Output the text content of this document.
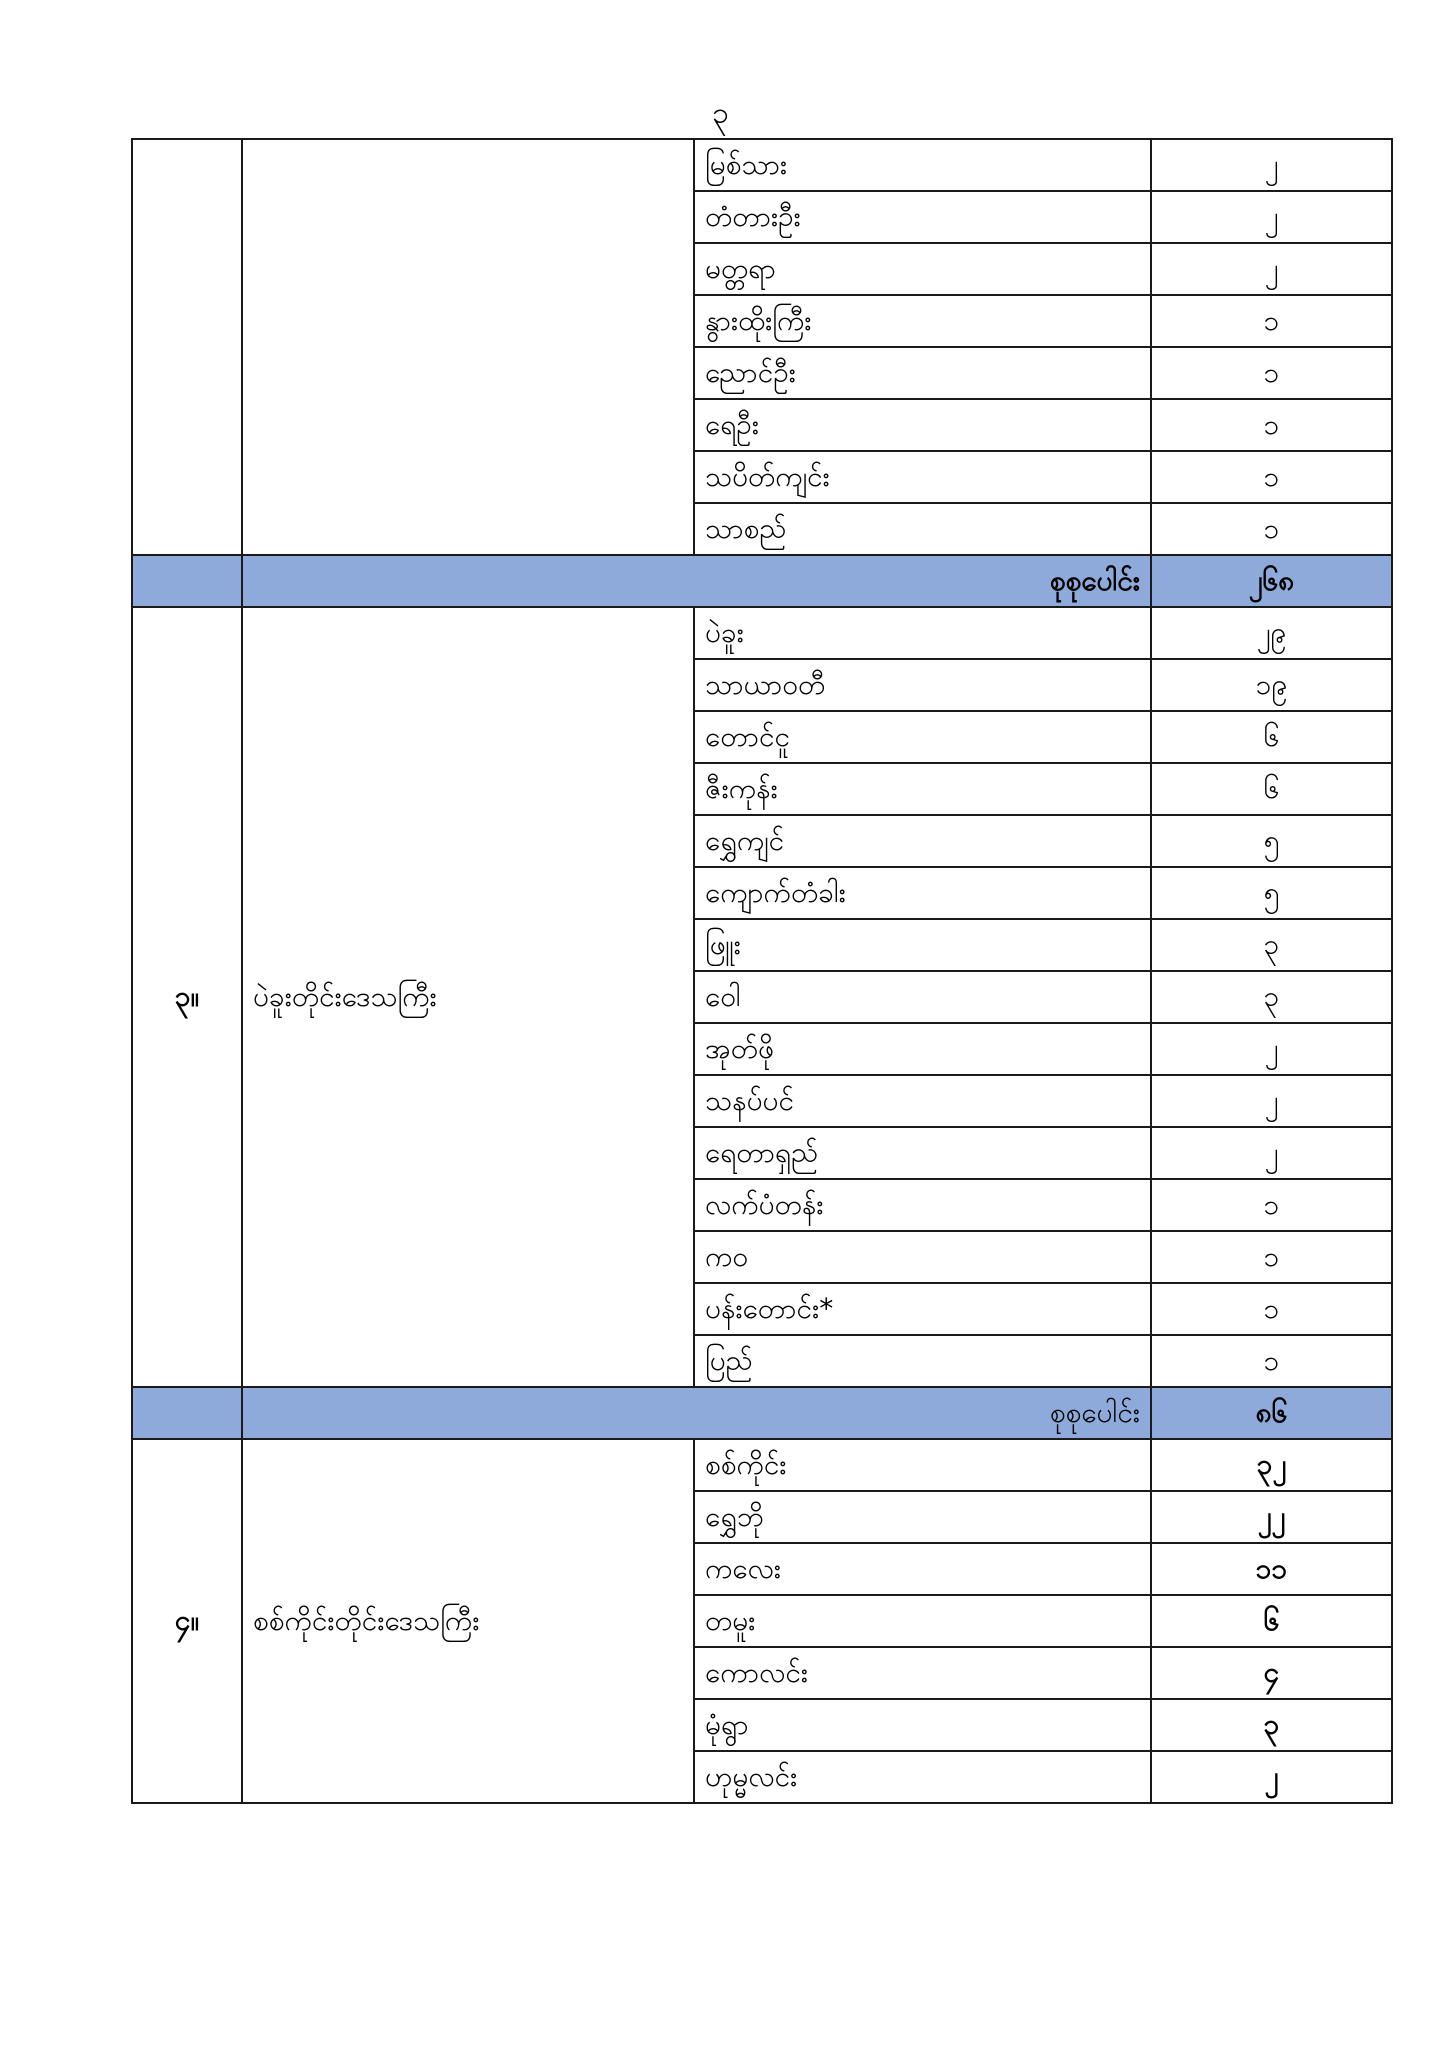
၃
		မြစ်သား	၂
		တံတားဦး	၂
		မတ္တရာ	၂
		နွားထိုးကြီး	၁
		ညောင်ဦး	၁
		ရေဦး	၁
		သပိတ်ကျင်း	၁
		သာစည်	၁
	စုစုပေါင်း		၂၆၈
၃။	ပဲခူးတိုင်းဒေသကြီး	ပဲခူး	၂၉
		သာယာဝတီ	၁၉
		တောင်ငူ	၆
		ဇီးကုန်း	၆
		ရွှေကျင်	၅
		ကျောက်တံခါး	၅
		ဖြူး	၃
		ဝေါ	၃
		အုတ်ဖို	၂
		သနပ်ပင်	၂
		ရေတာရှည်	၂
		လက်ပံတန်း	၁
		ကဝ	၁
		ပန်းတောင်း*	၁
		ပြည်	၁
	စုစုပေါင်း		၈၆
၄။	စစ်ကိုင်းတိုင်းဒေသကြီး	စစ်ကိုင်း	၃၂
		ရွှေဘို	၂၂
		ကလေး	၁၁
		တမူး	၆
		ကောလင်း	၄
		မုံရွာ	၃
		ဟုမ္မလင်း	၂
